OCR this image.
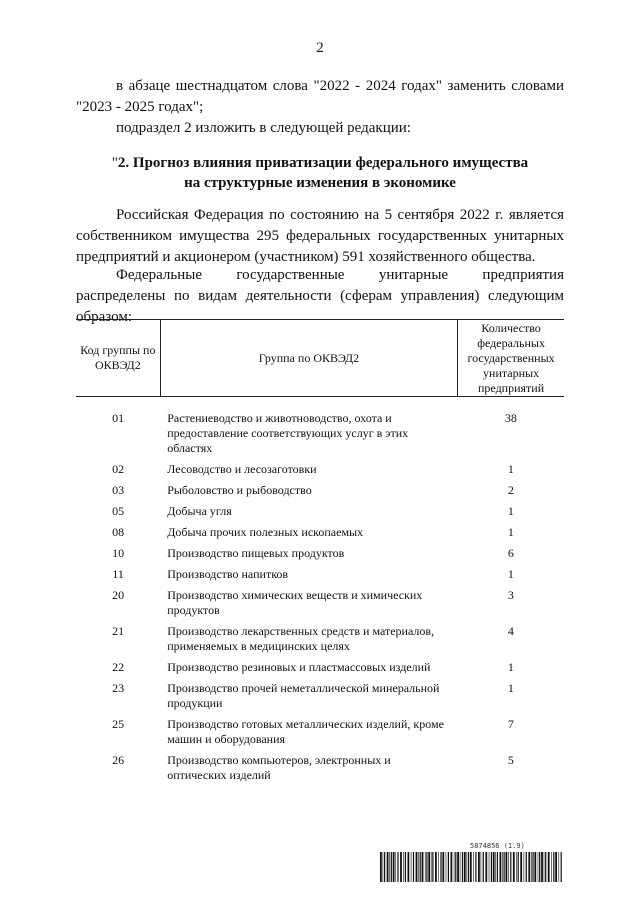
2
в абзаце шестнадцатом слова "2022 - 2024 годах" заменить словами "2023 - 2025 годах";
подраздел 2 изложить в следующей редакции:
"2. Прогноз влияния приватизации федерального имущества
на структурные изменения в экономике
Российская Федерация по состоянию на 5 сентября 2022 г. является собственником имущества 295 федеральных государственных унитарных предприятий и акционером (участником) 591 хозяйственного общества.
Федеральные государственные унитарные предприятия распределены по видам деятельности (сферам управления) следующим образом:
Код группы по ОКВЭД2	Группа по ОКВЭД2	Количество федеральных государственных унитарных предприятий

01	Растениеводство и животноводство, охота и предоставление соответствующих услуг в этих областях	38
02	Лесоводство и лесозаготовки	1
03	Рыболовство и рыбоводство	2
05	Добыча угля	1
08	Добыча прочих полезных ископаемых	1
10	Производство пищевых продуктов	6
11	Производство напитков	1
20	Производство химических веществ и химических продуктов	3
21	Производство лекарственных средств и материалов, применяемых в медицинских целях	4
22	Производство резиновых и пластмассовых изделий	1
23	Производство прочей неметаллической минеральной продукции	1
25	Производство готовых металлических изделий, кроме машин и оборудования	7
26	Производство компьютеров, электронных и оптических изделий	5
5874856 (1.9)
